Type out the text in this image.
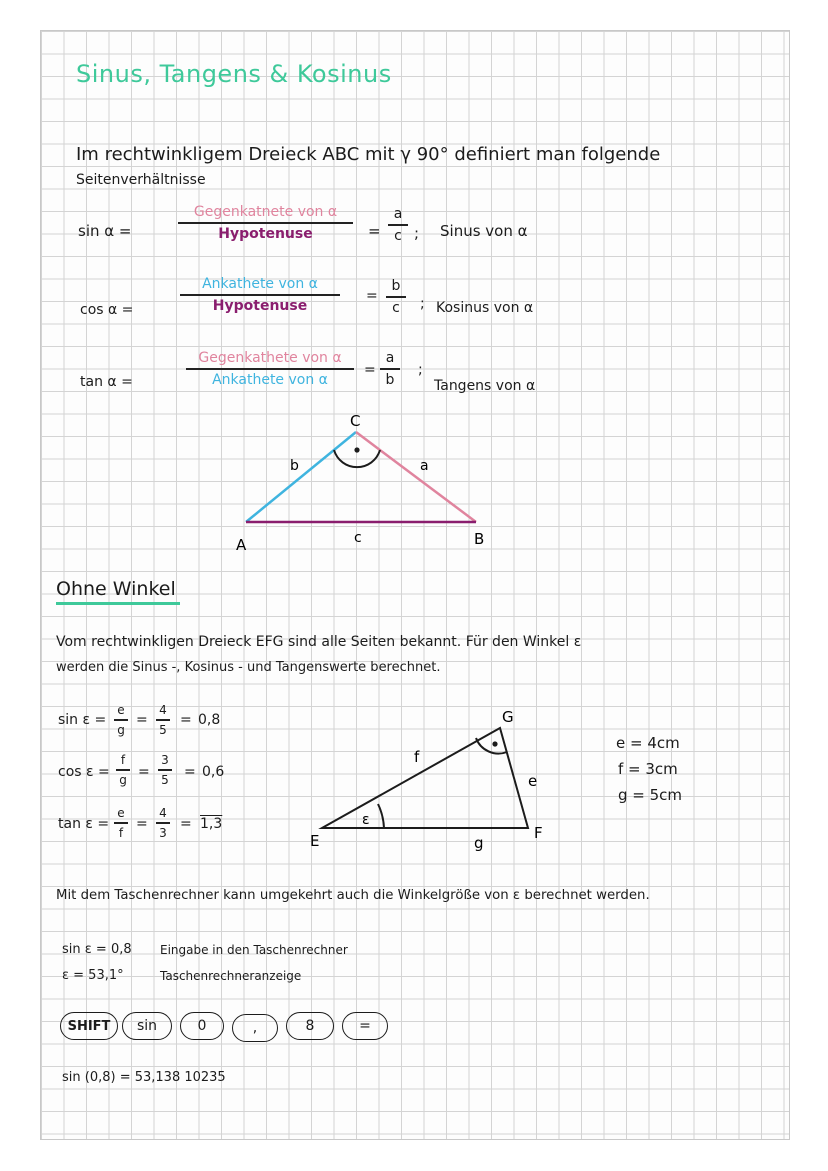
Sinus, Tangens & Kosinus
Im rechtwinkligem Dreieck ABC mit γ 90° definiert man folgende
Seitenverhältnisse
sin α =
Gegenkatnete von α
Hypotenuse	=
a
c ; Sinus von α
cos α =
Ankathete von α
Hypotenuse
=
b
c	; Kosinus von α
tan α =
Gegenkathete von α
Ankathete von α
=
a
b
;
Tangens von α
C
A	B
b	a
c
Ohne Winkel
Vom rechtwinkligen Dreieck EFG sind alle Seiten bekannt. Für den Winkel ε
werden die Sinus -, Kosinus - und Tangenswerte berechnet.
sin ε =
e
g
=
4
5
= 0,8
cos ε =
f
g =
3
5 = 0,6
tan ε =
e
f
=
4
3
= 1,3	ε
E	F
G
f
e
g
e = 4cm
f = 3cm
g = 5cm
Mit dem Taschenrechner kann umgekehrt auch die Winkelgröße von ε berechnet werden.
sin ε = 0,8 Eingabe in den Taschenrechner
ε = 53,1°	Taschenrechneranzeige
SHIFT	sin	0	,	8	=
sin (0,8) = 53,138 10235
